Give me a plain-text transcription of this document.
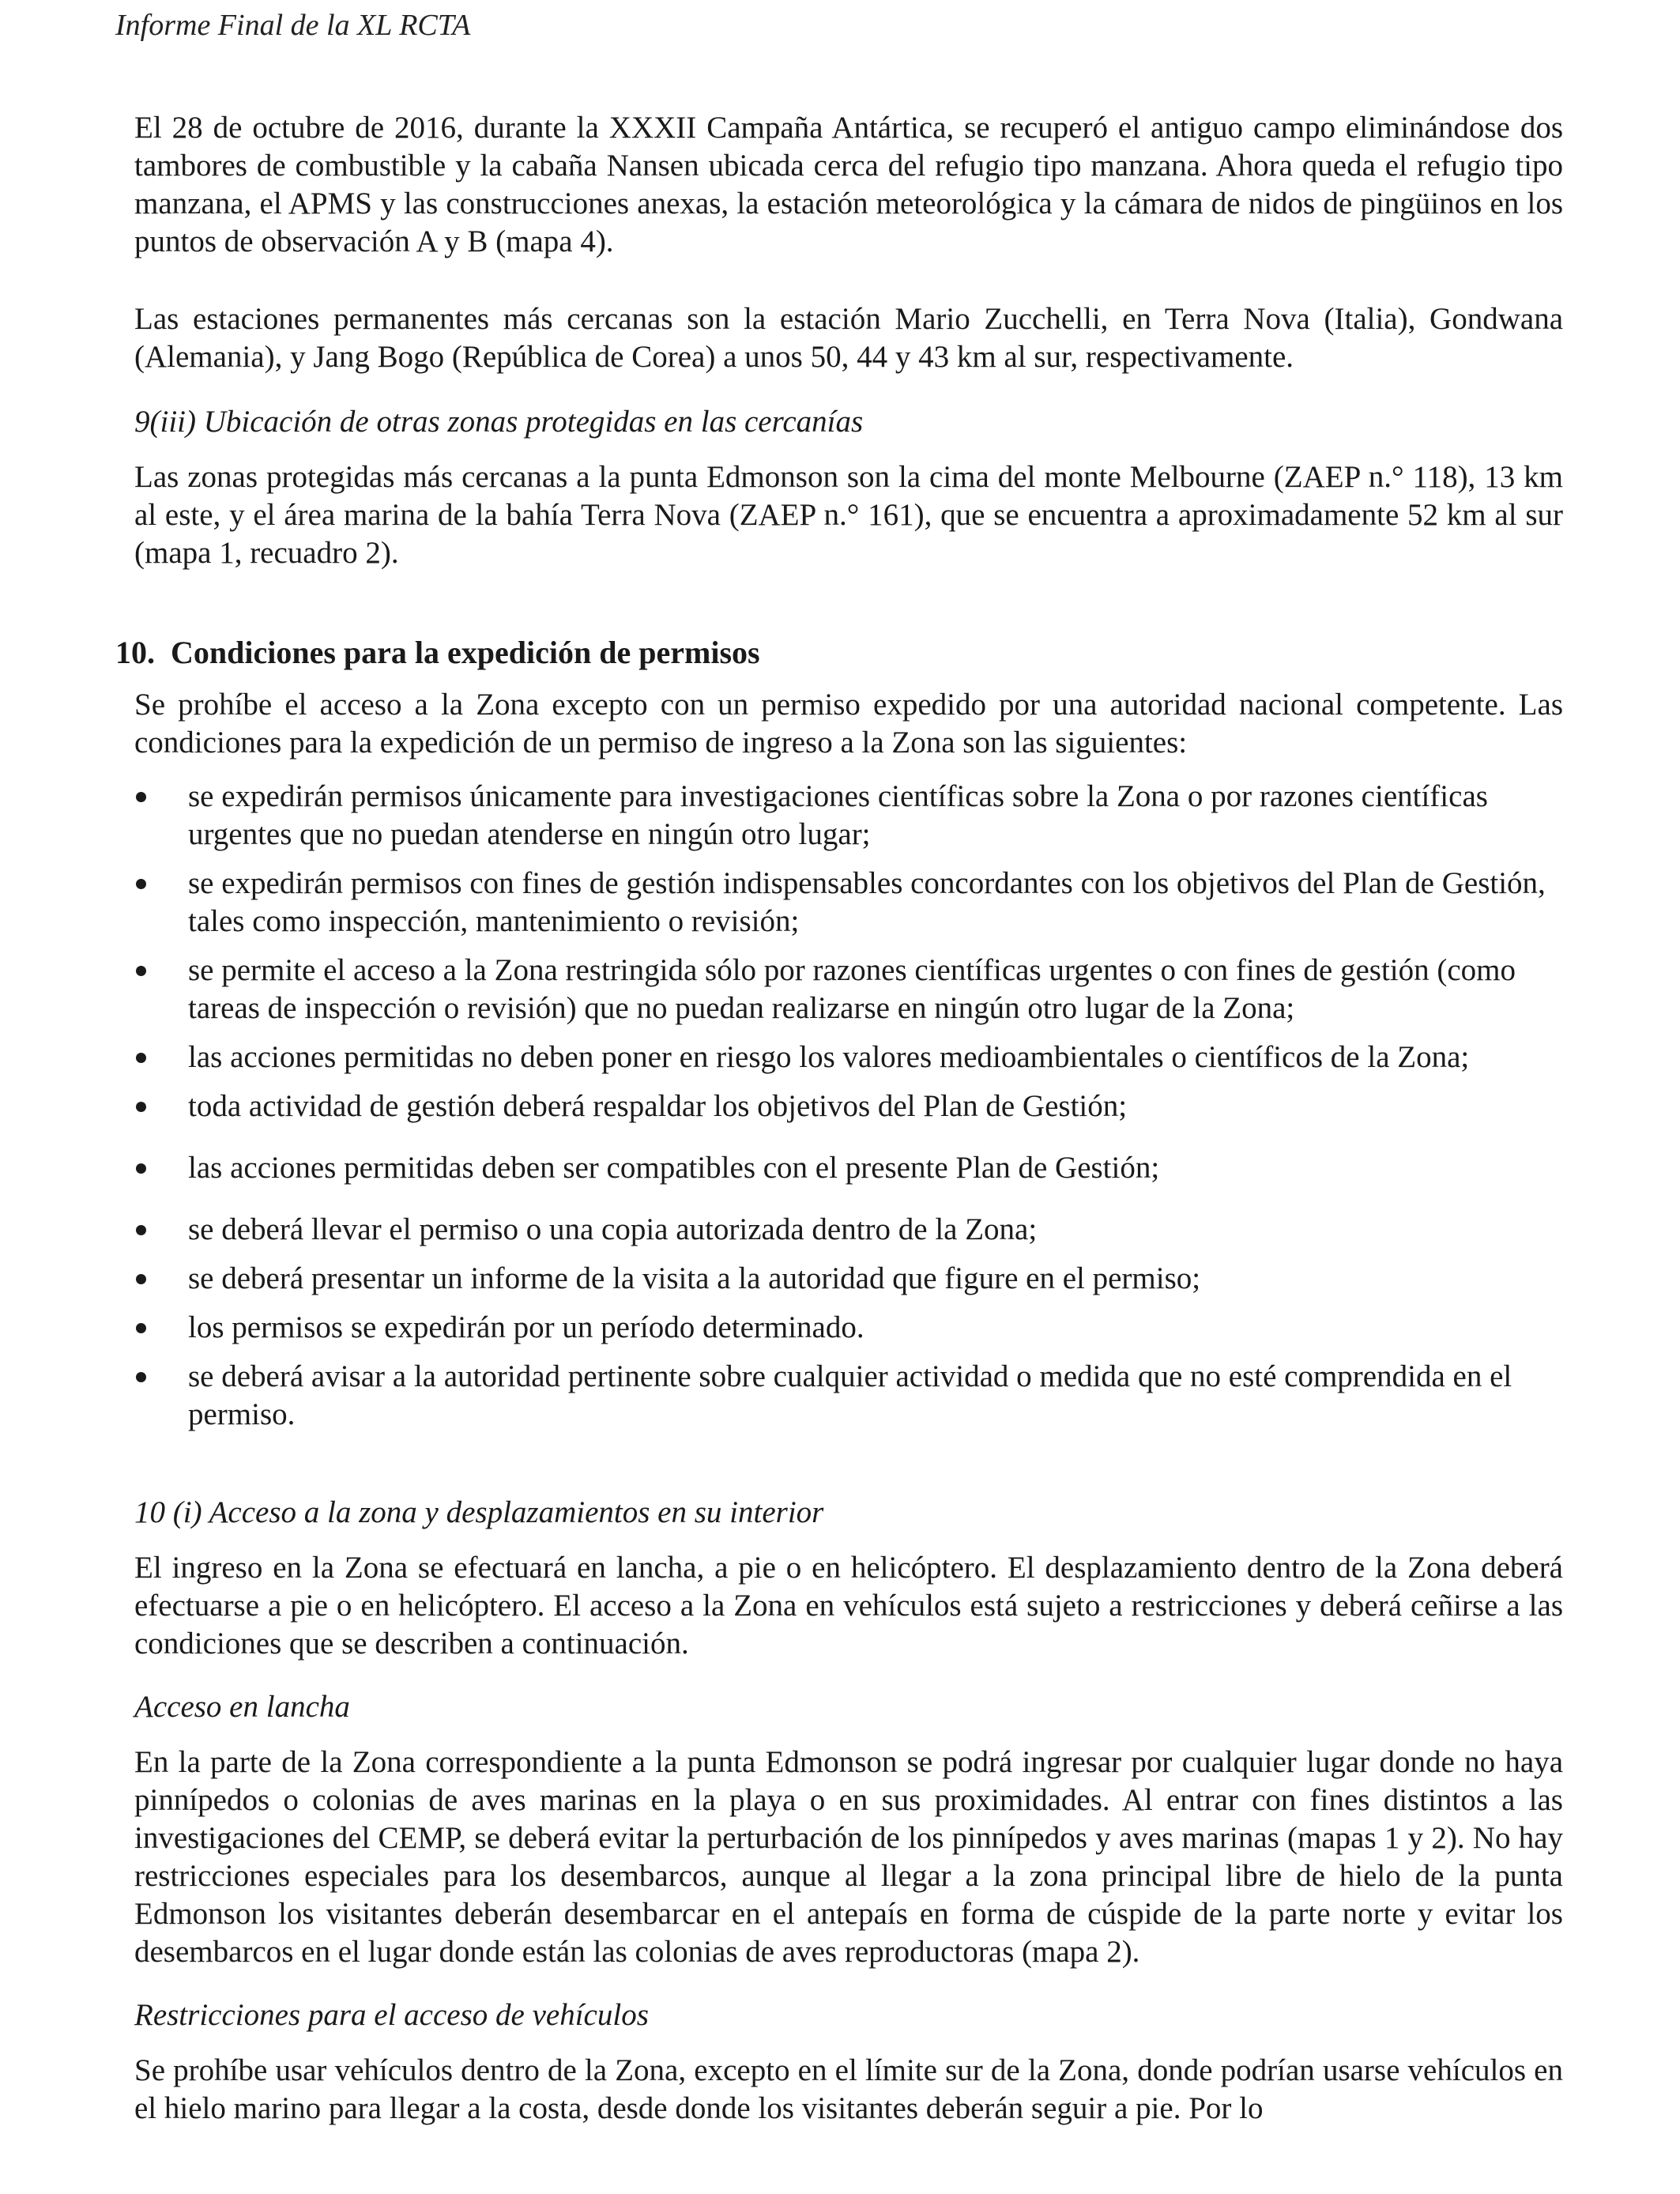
Informe Final de la XL RCTA

El 28 de octubre de 2016, durante la XXXII Campaña Antártica, se recuperó el antiguo campo eliminándose dos tambores de combustible y la cabaña Nansen ubicada cerca del refugio tipo manzana. Ahora queda el refugio tipo manzana, el APMS y las construcciones anexas, la estación meteorológica y la cámara de nidos de pingüinos en los puntos de observación A y B (mapa 4).

Las estaciones permanentes más cercanas son la estación Mario Zucchelli, en Terra Nova (Italia), Gondwana (Alemania), y Jang Bogo (República de Corea) a unos 50, 44 y 43 km al sur, respectivamente.

9(iii) Ubicación de otras zonas protegidas en las cercanías

Las zonas protegidas más cercanas a la punta Edmonson son la cima del monte Melbourne (ZAEP n.° 118), 13 km al este, y el área marina de la bahía Terra Nova (ZAEP n.° 161), que se encuentra a aproximadamente 52 km al sur (mapa 1, recuadro 2).

10. Condiciones para la expedición de permisos

Se prohíbe el acceso a la Zona excepto con un permiso expedido por una autoridad nacional competente. Las condiciones para la expedición de un permiso de ingreso a la Zona son las siguientes:

se expedirán permisos únicamente para investigaciones científicas sobre la Zona o por razones científicas urgentes que no puedan atenderse en ningún otro lugar;
se expedirán permisos con fines de gestión indispensables concordantes con los objetivos del Plan de Gestión, tales como inspección, mantenimiento o revisión;
se permite el acceso a la Zona restringida sólo por razones científicas urgentes o con fines de gestión (como tareas de inspección o revisión) que no puedan realizarse en ningún otro lugar de la Zona;
las acciones permitidas no deben poner en riesgo los valores medioambientales o científicos de la Zona;
toda actividad de gestión deberá respaldar los objetivos del Plan de Gestión;
las acciones permitidas deben ser compatibles con el presente Plan de Gestión;
se deberá llevar el permiso o una copia autorizada dentro de la Zona;
se deberá presentar un informe de la visita a la autoridad que figure en el permiso;
los permisos se expedirán por un período determinado.
se deberá avisar a la autoridad pertinente sobre cualquier actividad o medida que no esté comprendida en el permiso.

10 (i) Acceso a la zona y desplazamientos en su interior

El ingreso en la Zona se efectuará en lancha, a pie o en helicóptero. El desplazamiento dentro de la Zona deberá efectuarse a pie o en helicóptero. El acceso a la Zona en vehículos está sujeto a restricciones y deberá ceñirse a las condiciones que se describen a continuación.

Acceso en lancha

En la parte de la Zona correspondiente a la punta Edmonson se podrá ingresar por cualquier lugar donde no haya pinnípedos o colonias de aves marinas en la playa o en sus proximidades. Al entrar con fines distintos a las investigaciones del CEMP, se deberá evitar la perturbación de los pinnípedos y aves marinas (mapas 1 y 2). No hay restricciones especiales para los desembarcos, aunque al llegar a la zona principal libre de hielo de la punta Edmonson los visitantes deberán desembarcar en el antepaís en forma de cúspide de la parte norte y evitar los desembarcos en el lugar donde están las colonias de aves reproductoras (mapa 2).

Restricciones para el acceso de vehículos

Se prohíbe usar vehículos dentro de la Zona, excepto en el límite sur de la Zona, donde podrían usarse vehículos en el hielo marino para llegar a la costa, desde donde los visitantes deberán seguir a pie. Por lo
